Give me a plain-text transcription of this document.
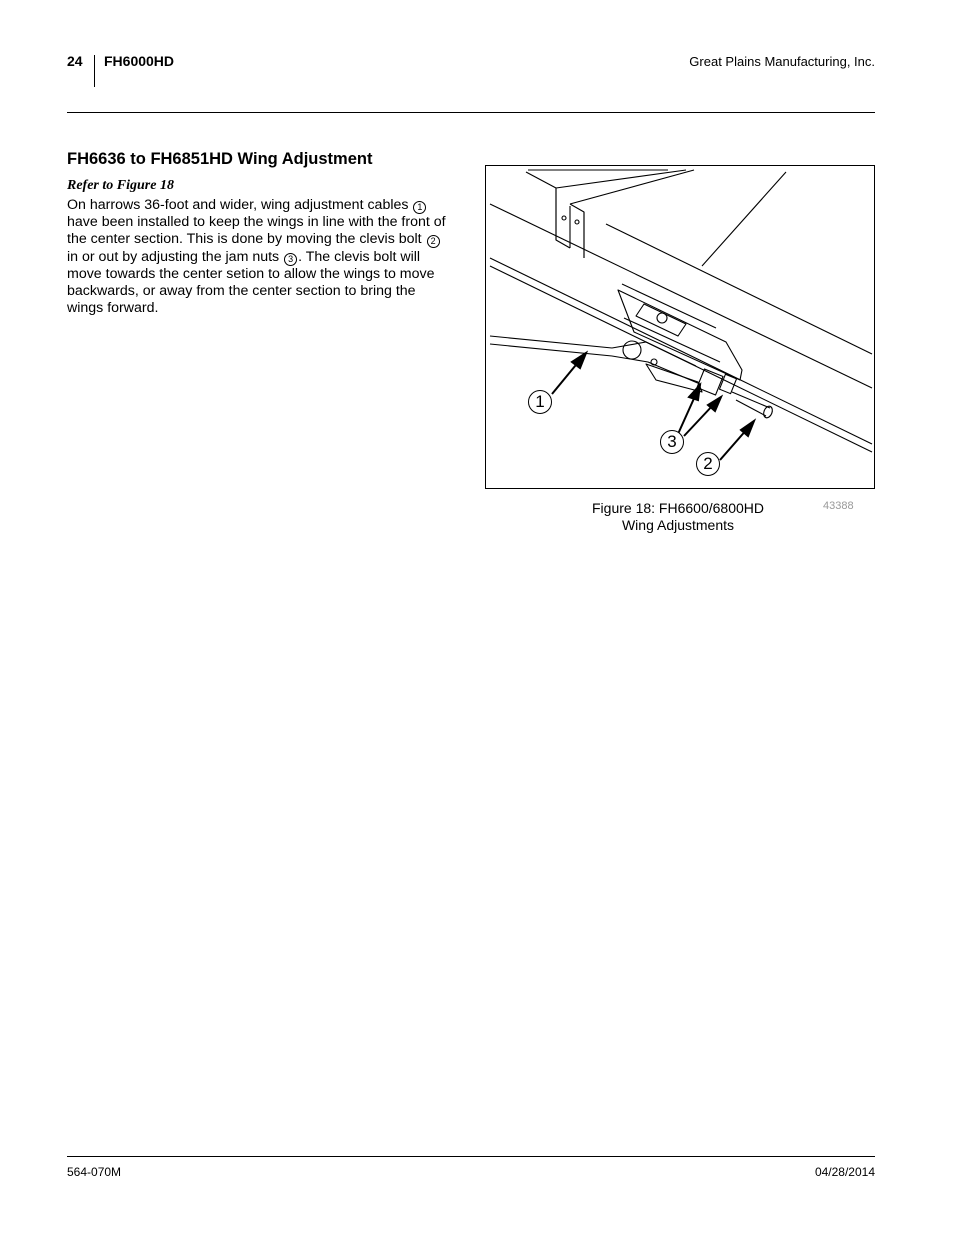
24 FH6000HD	Great Plains Manufacturing, Inc.
FH6636 to FH6851HD Wing Adjustment
Refer to Figure 18

On harrows 36-foot and wider, wing adjustment cables 1 have been installed to keep the wings in line with the front of the center section. This is done by moving the clevis bolt 2 in or out by adjusting the jam nuts 3 . The clevis bolt will move towards the center setion to allow the wings to move backwards, or away from the center section to bring the wings forward.

1
3
2
Figure 18: FH6600/6800HD
Wing Adjustments
43388
564-070M	04/28/2014
